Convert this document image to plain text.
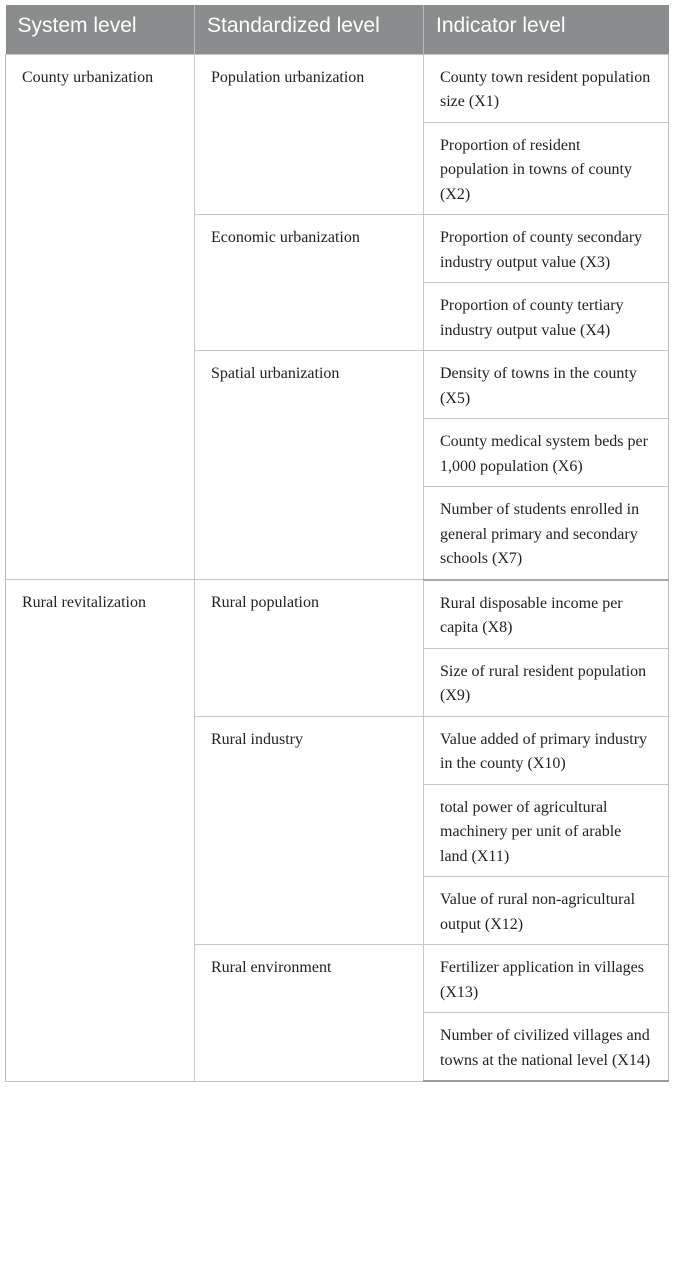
System level	Standardized level	Indicator level
County urbanization	Population urbanization	County town resident population size (X1)
		Proportion of resident population in towns of county (X2)
	Economic urbanization	Proportion of county secondary industry output value (X3)
		Proportion of county tertiary industry output value (X4)
	Spatial urbanization	Density of towns in the county (X5)
		County medical system beds per 1,000 population (X6)
		Number of students enrolled in general primary and secondary schools (X7)
Rural revitalization	Rural population	Rural disposable income per capita (X8)
		Size of rural resident population (X9)
	Rural industry	Value added of primary industry in the county (X10)
		total power of agricultural machinery per unit of arable land (X11)
		Value of rural non-agricultural output (X12)
	Rural environment	Fertilizer application in villages (X13)
		Number of civilized villages and towns at the national level (X14)
